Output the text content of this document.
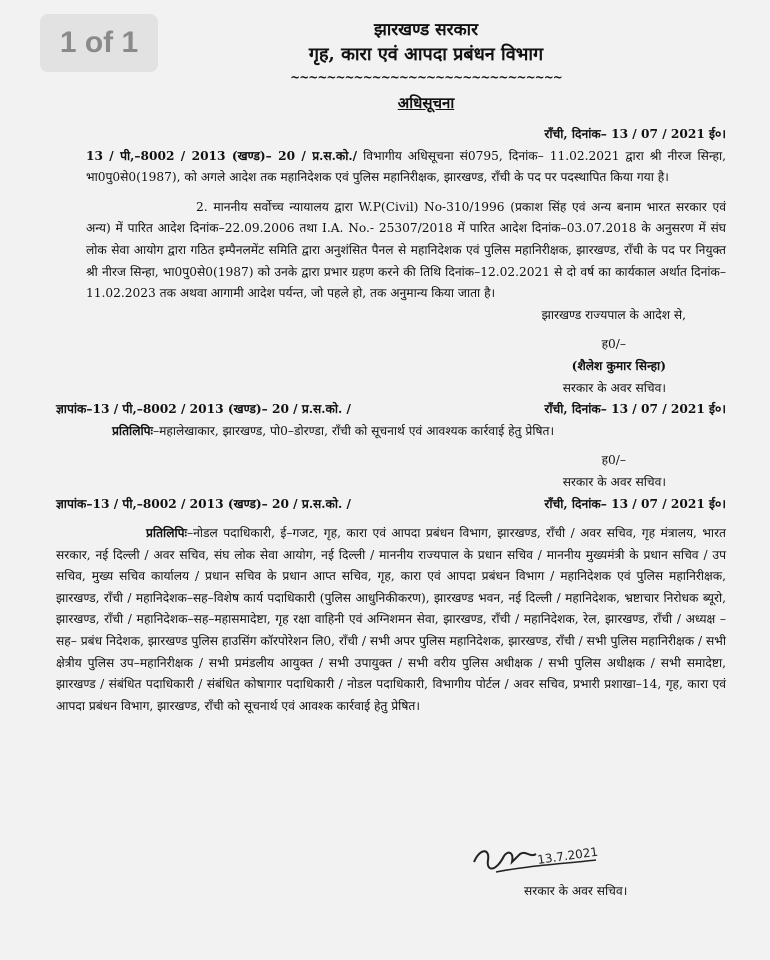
1 of 1	झारखण्ड सरकार
गृह, कारा एवं आपदा प्रबंधन विभाग
~~~~~~~~~~~~~~~~~~~~~~~~~~~~~~
अधिसूचना
राँची, दिनांक– 13 / 07 / 2021 ई०।

13 / पी,–8002 / 2013 (खण्ड)– 20 / प्र.स.को./ विभागीय अधिसूचना सं0795, दिनांक– 11.02.2021 द्वारा श्री नीरज सिन्हा, भा0पु0से0(1987), को अगले आदेश तक महानिदेशक एवं पुलिस महानिरीक्षक, झारखण्ड, राँची के पद पर पदस्थापित किया गया है।

2. माननीय सर्वोच्च न्यायालय द्वारा W.P(Civil) No-310/1996 (प्रकाश सिंह एवं अन्य बनाम भारत सरकार एवं अन्य) में पारित आदेश दिनांक–22.09.2006 तथा I.A. No.- 25307/2018 में पारित आदेश दिनांक–03.07.2018 के अनुसरण में संघ लोक सेवा आयोग द्वारा गठित इम्पैनलमेंट समिति द्वारा अनुशंसित पैनल से महानिदेशक एवं पुलिस महानिरीक्षक, झारखण्ड, राँची के पद पर नियुक्त श्री नीरज सिन्हा, भा0पु0से0(1987) को उनके द्वारा प्रभार ग्रहण करने की तिथि दिनांक–12.02.2021 से दो वर्ष का कार्यकाल अर्थात दिनांक–11.02.2023 तक अथवा आगामी आदेश पर्यन्त, जो पहले हो, तक अनुमान्य किया जाता है।

झारखण्ड राज्यपाल के आदेश से,
ह0/–
(शैलेश कुमार सिन्हा)
सरकार के अवर सचिव।
ज्ञापांक–13 / पी,–8002 / 2013 (खण्ड)– 20 / प्र.स.को. /	राँची, दिनांक– 13 / 07 / 2021 ई०।

प्रतिलिपिः–महालेखाकार, झारखण्ड, पो0–डोरण्डा, राँची को सूचनार्थ एवं आवश्यक कार्रवाई हेतु प्रेषित।

ह0/–
सरकार के अवर सचिव।
ज्ञापांक–13 / पी,–8002 / 2013 (खण्ड)– 20 / प्र.स.को. /	राँची, दिनांक– 13 / 07 / 2021 ई०।

प्रतिलिपिः–नोडल पदाधिकारी, ई–गजट, गृह, कारा एवं आपदा प्रबंधन विभाग, झारखण्ड, राँची / अवर सचिव, गृह मंत्रालय, भारत सरकार, नई दिल्ली / अवर सचिव, संघ लोक सेवा आयोग, नई दिल्ली / माननीय राज्यपाल के प्रधान सचिव / माननीय मुख्यमंत्री के प्रधान सचिव / उप सचिव, मुख्य सचिव कार्यालय / प्रधान सचिव के प्रधान आप्त सचिव, गृह, कारा एवं आपदा प्रबंधन विभाग / महानिदेशक एवं पुलिस महानिरीक्षक, झारखण्ड, राँची / महानिदेशक–सह–विशेष कार्य पदाधिकारी (पुलिस आधुनिकीकरण), झारखण्ड भवन, नई दिल्ली / महानिदेशक, भ्रष्टाचार निरोधक ब्यूरो, झारखण्ड, राँची / महानिदेशक–सह–महासमादेष्टा, गृह रक्षा वाहिनी एवं अग्निशमन सेवा, झारखण्ड, राँची / महानिदेशक, रेल, झारखण्ड, राँची / अध्यक्ष –सह– प्रबंध निदेशक, झारखण्ड पुलिस हाउसिंग कॉरपोरेशन लि0, राँची / सभी अपर पुलिस महानिदेशक, झारखण्ड, राँची / सभी पुलिस महानिरीक्षक / सभी क्षेत्रीय पुलिस उप–महानिरीक्षक / सभी प्रमंडलीय आयुक्त / सभी उपायुक्त / सभी वरीय पुलिस अधीक्षक / सभी पुलिस अधीक्षक / सभी समादेष्टा, झारखण्ड / संबंधित पदाधिकारी / संबंधित कोषागार पदाधिकारी / नोडल पदाधिकारी, विभागीय पोर्टल / अवर सचिव, प्रभारी प्रशाखा–14, गृह, कारा एवं आपदा प्रबंधन विभाग, झारखण्ड, राँची को सूचनार्थ एवं आवश्क कार्रवाई हेतु प्रेषित।

13.7.2021
सरकार के अवर सचिव।
